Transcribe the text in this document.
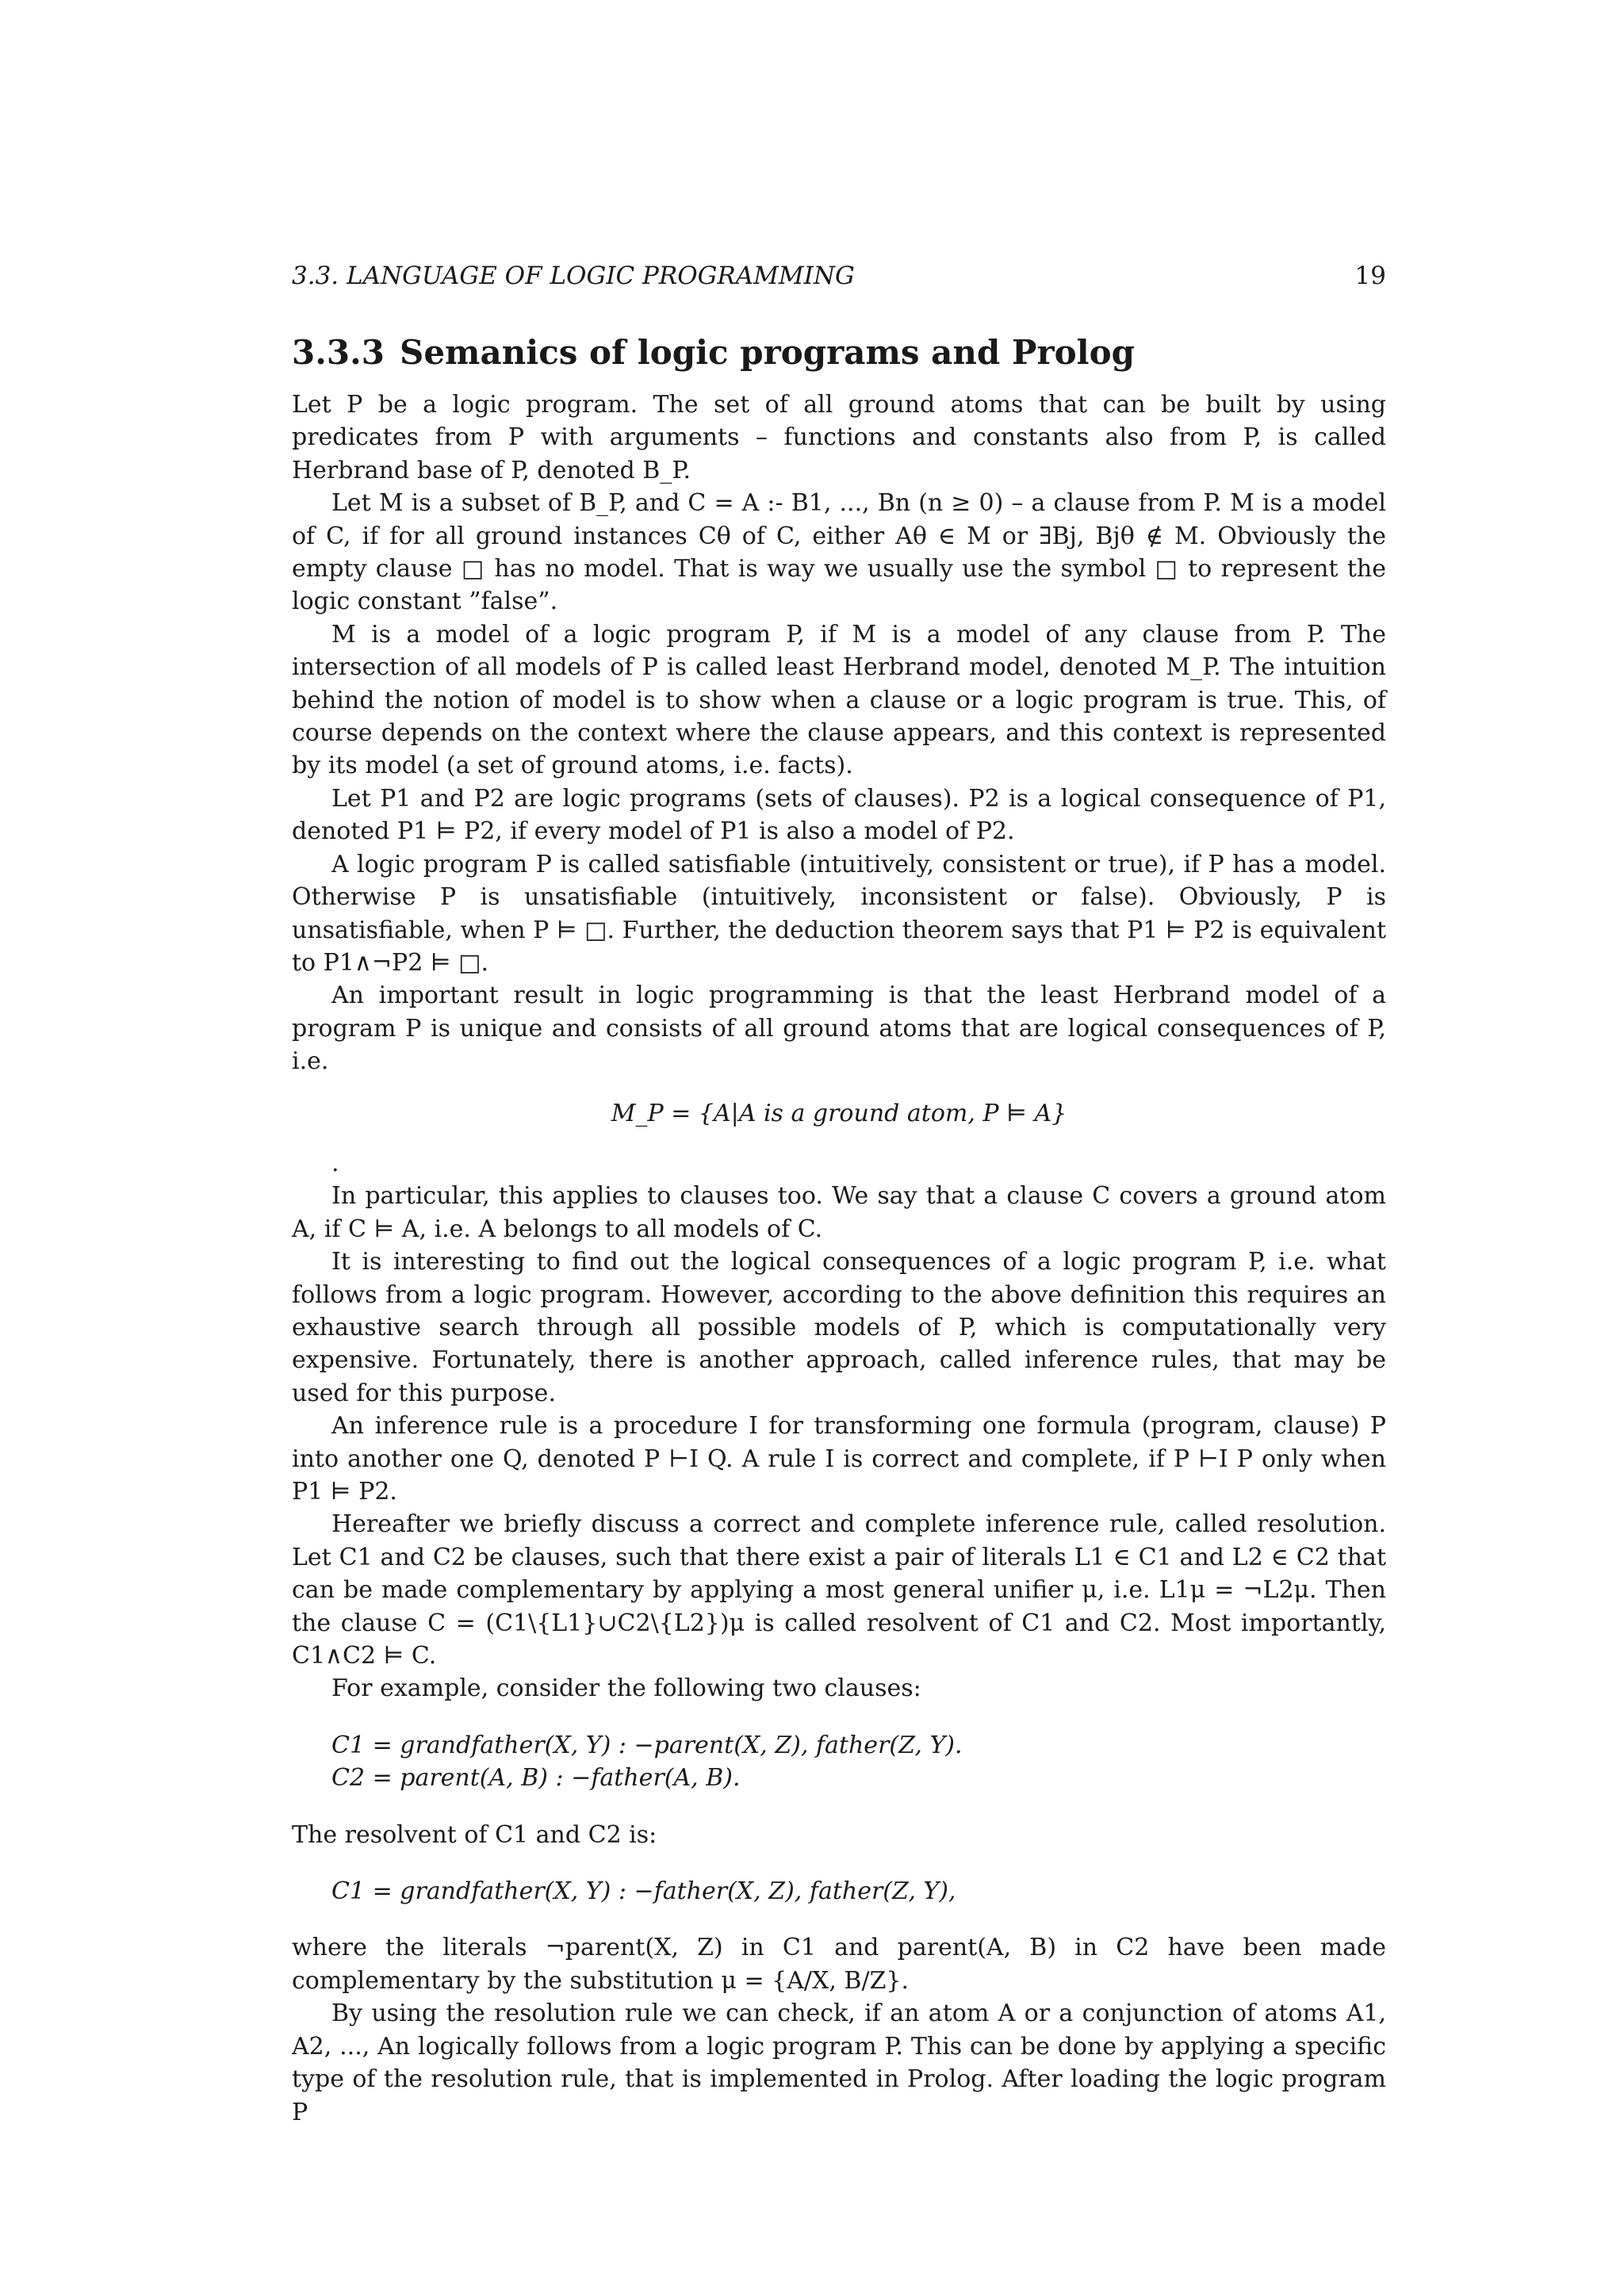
3.3. LANGUAGE OF LOGIC PROGRAMMING	19
3.3.3 Semanics of logic programs and Prolog

Let P be a logic program. The set of all ground atoms that can be built by using predicates from P with arguments – functions and constants also from P, is called Herbrand base of P, denoted B_P.

Let M is a subset of B_P, and C = A :- B1, ..., Bn (n ≥ 0) – a clause from P. M is a model of C, if for all ground instances Cθ of C, either Aθ ∈ M or ∃Bj, Bjθ ∉ M. Obviously the empty clause □ has no model. That is way we usually use the symbol □ to represent the logic constant ”false”.

M is a model of a logic program P, if M is a model of any clause from P. The intersection of all models of P is called least Herbrand model, denoted M_P. The intuition behind the notion of model is to show when a clause or a logic program is true. This, of course depends on the context where the clause appears, and this context is represented by its model (a set of ground atoms, i.e. facts).

Let P1 and P2 are logic programs (sets of clauses). P2 is a logical consequence of P1, denoted P1 ⊨ P2, if every model of P1 is also a model of P2.

A logic program P is called satisfiable (intuitively, consistent or true), if P has a model. Otherwise P is unsatisfiable (intuitively, inconsistent or false). Obviously, P is unsatisfiable, when P ⊨ □. Further, the deduction theorem says that P1 ⊨ P2 is equivalent to P1∧¬P2 ⊨ □.

An important result in logic programming is that the least Herbrand model of a program P is unique and consists of all ground atoms that are logical consequences of P, i.e.

M_P = {A|A is a ground atom, P ⊨ A}

.

In particular, this applies to clauses too. We say that a clause C covers a ground atom A, if C ⊨ A, i.e. A belongs to all models of C.

It is interesting to find out the logical consequences of a logic program P, i.e. what follows from a logic program. However, according to the above definition this requires an exhaustive search through all possible models of P, which is computationally very expensive. Fortunately, there is another approach, called inference rules, that may be used for this purpose.

An inference rule is a procedure I for transforming one formula (program, clause) P into another one Q, denoted P ⊢I Q. A rule I is correct and complete, if P ⊢I P only when P1 ⊨ P2.

Hereafter we briefly discuss a correct and complete inference rule, called resolution. Let C1 and C2 be clauses, such that there exist a pair of literals L1 ∈ C1 and L2 ∈ C2 that can be made complementary by applying a most general unifier μ, i.e. L1μ = ¬L2μ. Then the clause C = (C1\{L1}∪C2\{L2})μ is called resolvent of C1 and C2. Most importantly, C1∧C2 ⊨ C.

For example, consider the following two clauses:

C1 = grandfather(X, Y) : −parent(X, Z), father(Z, Y).
C2 = parent(A, B) : −father(A, B).

The resolvent of C1 and C2 is:

C1 = grandfather(X, Y) : −father(X, Z), father(Z, Y),

where the literals ¬parent(X, Z) in C1 and parent(A, B) in C2 have been made complementary by the substitution μ = {A/X, B/Z}.

By using the resolution rule we can check, if an atom A or a conjunction of atoms A1, A2, ..., An logically follows from a logic program P. This can be done by applying a specific type of the resolution rule, that is implemented in Prolog. After loading the logic program P
